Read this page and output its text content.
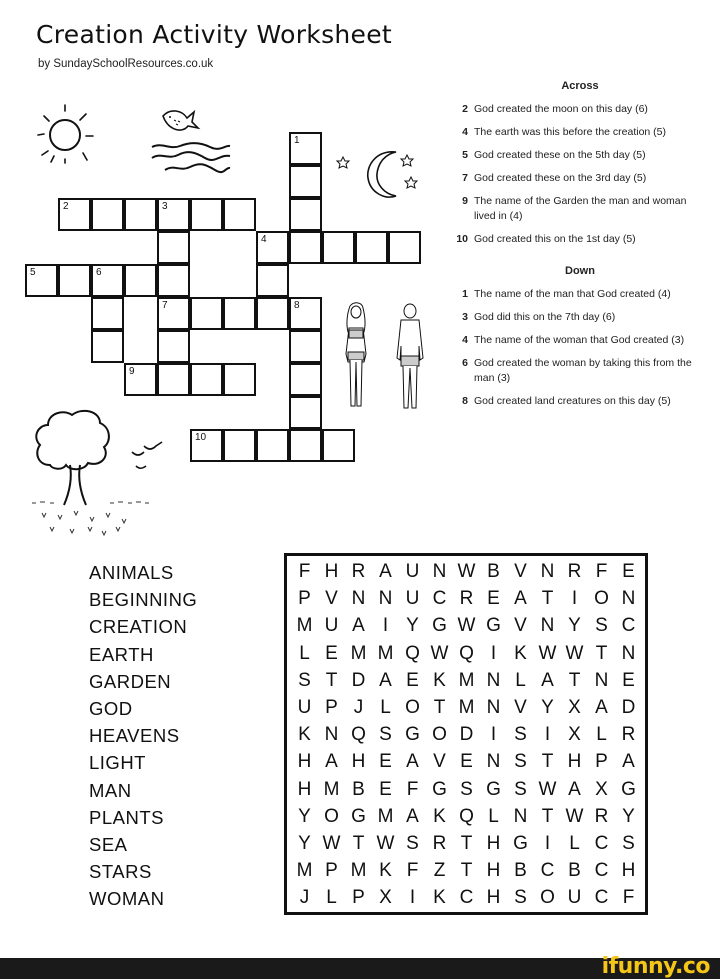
Creation Activity Worksheet
by SundaySchoolResources.co.uk
1
2	3
4
5	6
7	8
9
10
Across
2 God created the moon on this day (6)
4 The earth was this before the creation (5)
5 God created these on the 5th day (5)
7 God created these on the 3rd day (5)
9 The name of the Garden the man and woman lived in (4)
10 God created this on the 1st day (5)
Down
1 The name of the man that God created (4)
3 God did this on the 7th day (6)
4 The name of the woman that God created (3)
6 God created the woman by taking this from the man (3)
8 God created land creatures on this day (5)
ANIMALS
BEGINNING
CREATION
EARTH
GARDEN
GOD
HEAVENS
LIGHT
MAN
PLANTS
SEA
STARS
WOMAN
F H R A U N W B V N R F E
P V N N U C R E A T I O N
M U A I Y G W G V N Y S C
L E M M Q W Q I K W W T N
S T D A E K M N L A T N E
U P J L O T M N V Y X A D
K N Q S G O D I S I X L R
H A H E A V E N S T H P A
H M B E F G S G S W A X G
Y O G M A K Q L N T W R Y
Y W T W S R T H G I	L C S
M P M K F Z T H B C B C H
J L P X I K C H S O U C F
ifunny.co
